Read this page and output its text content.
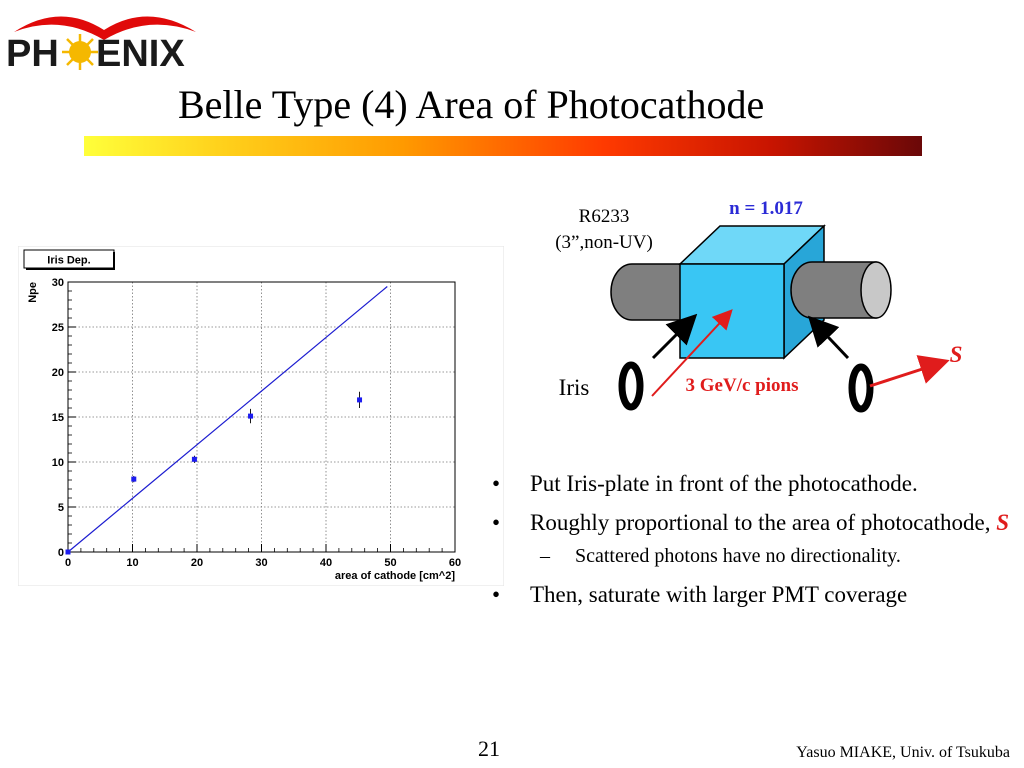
PH ENIX
Belle Type (4) Area of Photocathode
Iris Dep.
0	10	20	30	40	50	60
0
5
10
15
20
25
30
area of cathode [cm^2]
Npe
R6233
(3”,non-UV)
n = 1.017
Iris	3 GeV/c pions
S
• Put Iris-plate in front of the photocathode.
• Roughly proportional to the area of photocathode, S
– Scattered photons have no directionality.
• Then, saturate with larger PMT coverage
21	Yasuo MIAKE, Univ. of Tsukuba
